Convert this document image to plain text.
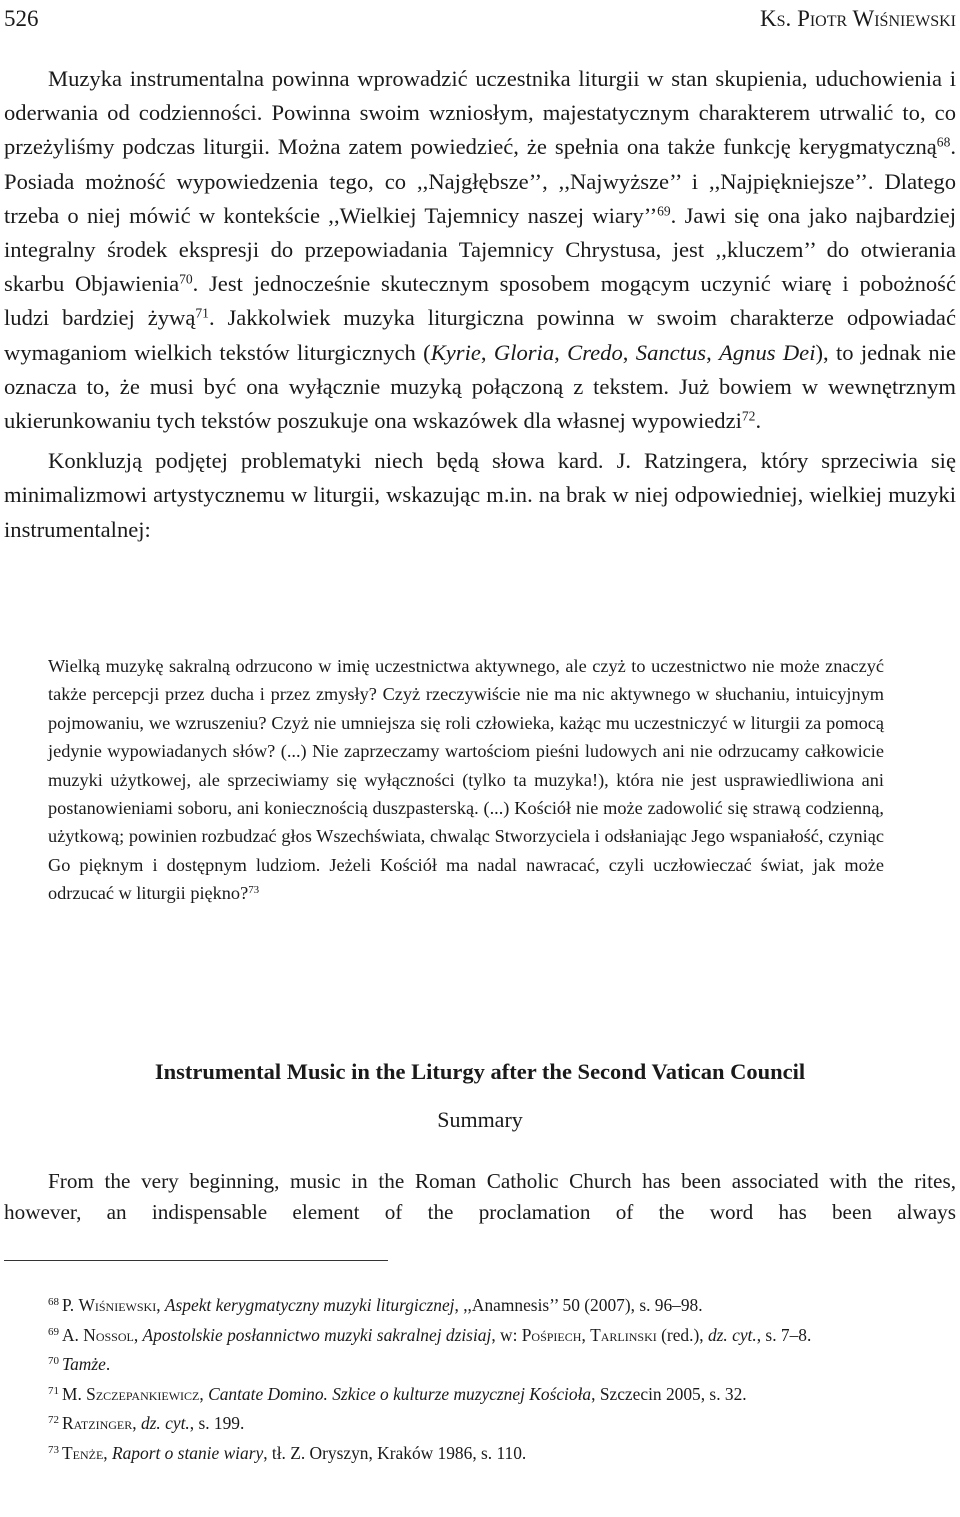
526	Ks. Piotr Wiśniewski

Muzyka instrumentalna powinna wprowadzić uczestnika liturgii w stan skupienia, uduchowienia i oderwania od codzienności. Powinna swoim wzniosłym, majestatycznym charakterem utrwalić to, co przeżyliśmy podczas liturgii. Można zatem powiedzieć, że spełnia ona także funkcję kerygmatyczną$^{68}$. Posiada możność wypowiedzenia tego, co ,,Najgłębsze’’, ,,Najwyższe’’ i ,,Najpiękniejsze’’. Dlatego trzeba o niej mówić w kontekście ,,Wielkiej Tajemnicy naszej wiary’’$^{69}$. Jawi się ona jako najbardziej integralny środek ekspresji do przepowiadania Tajemnicy Chrystusa, jest ,,kluczem’’ do otwierania skarbu Objawienia$^{70}$. Jest jednocześnie skutecznym sposobem mogącym uczynić wiarę i pobożność ludzi bardziej żywą$^{71}$. Jakkolwiek muzyka liturgiczna powinna w swoim charakterze odpowiadać wymaganiom wielkich tekstów liturgicznych (Kyrie, Gloria, Credo, Sanctus, Agnus Dei), to jednak nie oznacza to, że musi być ona wyłącznie muzyką połączoną z tekstem. Już bowiem w wewnętrznym ukierunkowaniu tych tekstów poszukuje ona wskazówek dla własnej wypowiedzi$^{72}$.

Konkluzją podjętej problematyki niech będą słowa kard. J. Ratzingera, który sprzeciwia się minimalizmowi artystycznemu w liturgii, wskazując m.in. na brak w niej odpowiedniej, wielkiej muzyki instrumentalnej:

Wielką muzykę sakralną odrzucono w imię uczestnictwa aktywnego, ale czyż to uczestnictwo nie może znaczyć także percepcji przez ducha i przez zmysły? Czyż rzeczywiście nie ma nic aktywnego w słuchaniu, intuicyjnym pojmowaniu, we wzruszeniu? Czyż nie umniejsza się roli człowieka, każąc mu uczestniczyć w liturgii za pomocą jedynie wypowiadanych słów? (...) Nie zaprzeczamy wartościom pieśni ludowych ani nie odrzucamy całkowicie muzyki użytkowej, ale sprzeciwiamy się wyłączności (tylko ta muzyka!), która nie jest usprawiedliwiona ani postanowieniami soboru, ani koniecznością duszpasterską. (...) Kościół nie może zadowolić się strawą codzienną, użytkową; powinien rozbudzać głos Wszechświata, chwaląc Stworzyciela i odsłaniając Jego wspaniałość, czyniąc Go pięknym i dostępnym ludziom. Jeżeli Kościół ma nadal nawracać, czyli uczłowieczać świat, jak może odrzucać w liturgii piękno?$^{73}$

Instrumental Music in the Liturgy after the Second Vatican Council
Summary

From the very beginning, music in the Roman Catholic Church has been associated with the rites, however, an indispensable element of the proclamation of the word has been always

$^{68}$ P. Wiśniewski, Aspekt kerygmatyczny muzyki liturgicznej, ,,Anamnesis’’ 50 (2007), s. 96–98.

$^{69}$ A. Nossol, Apostolskie posłannictwo muzyki sakralnej dzisiaj, w: Pośpiech, Tarlinski (red.), dz. cyt., s. 7–8.

$^{70}$ Tamże.

$^{71}$ M. Szczepankiewicz, Cantate Domino. Szkice o kulturze muzycznej Kościoła, Szczecin 2005, s. 32.

$^{72}$ Ratzinger, dz. cyt., s. 199.

$^{73}$ Tenże, Raport o stanie wiary, tł. Z. Oryszyn, Kraków 1986, s. 110.
